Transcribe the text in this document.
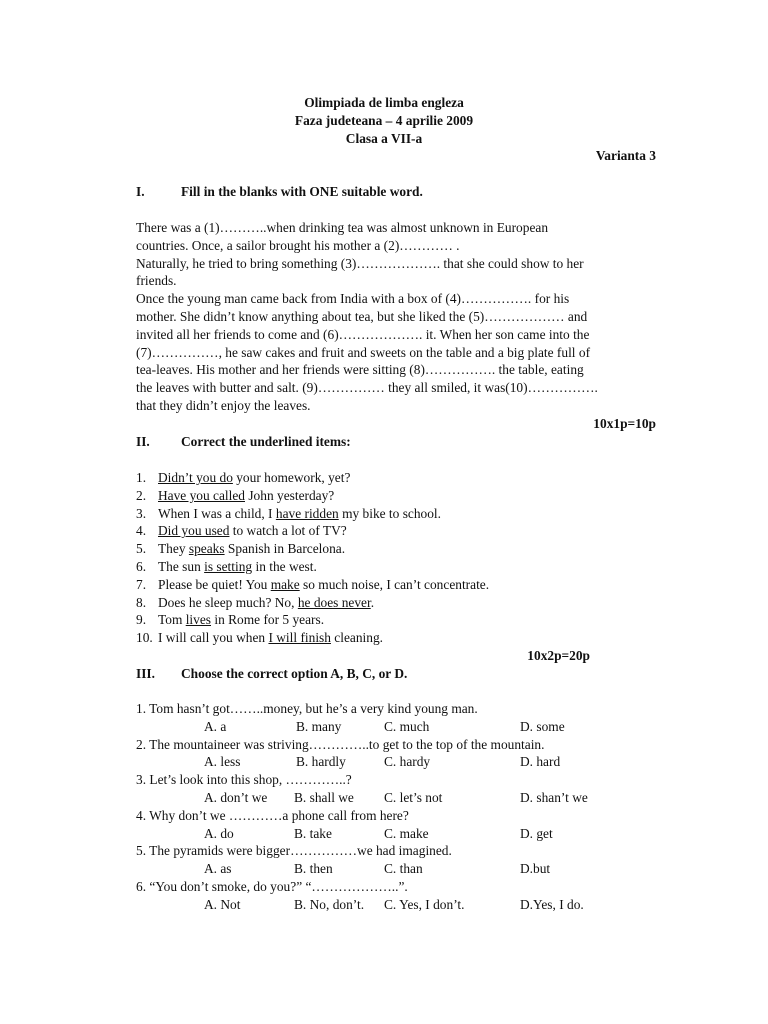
Olimpiada de limba engleza
Faza judeteana – 4 aprilie 2009
Clasa a VII-a
Varianta 3
I.	Fill in the blanks with ONE suitable word.
There was a (1)………..when drinking tea was almost unknown in European
countries. Once, a sailor brought his mother a (2)………… .
Naturally, he tried to bring something (3)………………. that she could show to her
friends.
Once the young man came back from India with a box of (4)……………. for his
mother. She didn’t know anything about tea, but she liked the (5)……………… and
invited all her friends to come and (6)………………. it. When her son came into the
(7)……………, he saw cakes and fruit and sweets on the table and a big plate full of
tea-leaves. His mother and her friends were sitting (8)……………. the table, eating
the leaves with butter and salt. (9)…………… they all smiled, it was(10)…………….
that they didn’t enjoy the leaves.
10x1p=10p
II. Correct the underlined items:
1. Didn’t you do your homework, yet?
2. Have you called John yesterday?
3. When I was a child, I have ridden my bike to school.
4. Did you used to watch a lot of TV?
5. They speaks Spanish in Barcelona.
6. The sun is setting in the west.
7. Please be quiet! You make so much noise, I can’t concentrate.
8. Does he sleep much? No, he does never.
9. Tom lives in Rome for 5 years.
10. I will call you when I will finish cleaning.
10x2p=20p
III. Choose the correct option A, B, C, or D.
1. Tom hasn’t got……..money, but he’s a very kind young man.
A. a	B. many	C. much	D. some
2. The mountaineer was striving…………..to get to the top of the mountain.
A. less	B. hardly	C. hardy	D. hard
3. Let’s look into this shop, …………..?
A. don’t we B. shall we C. let’s not	D. shan’t we
4. Why don’t we …………a phone call from here?
A. do	B. take	C. make	D. get
5. The pyramids were bigger……………we had imagined.
A. as	B. then	C. than	D.but
6. “You don’t smoke, do you?” “………………..”.
A. Not	B. No, don’t. C. Yes, I don’t.	D.Yes, I do.
